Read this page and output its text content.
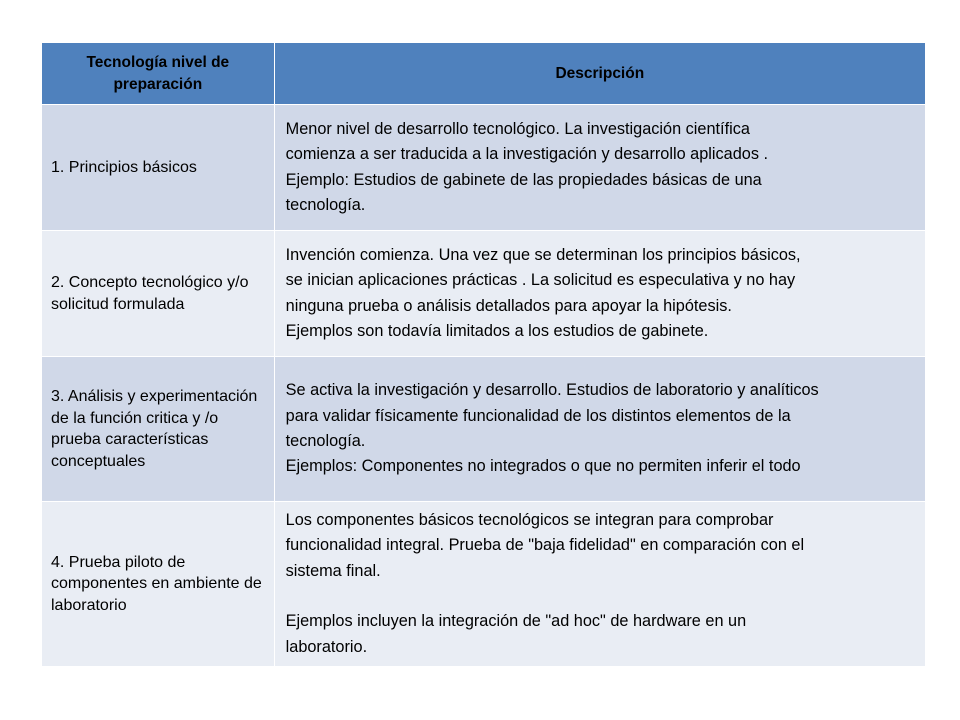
Tecnología nivel de preparación	Descripción
1. Principios básicos	Menor nivel de desarrollo tecnológico. La investigación científica
comienza a ser traducida a la investigación y desarrollo aplicados .
Ejemplo: Estudios de gabinete de las propiedades básicas de una
tecnología.

2. Concepto tecnológico y/o solicitud formulada	Invención comienza. Una vez que se determinan los principios básicos,
se inician aplicaciones prácticas . La solicitud es especulativa y no hay
ninguna prueba o análisis detallados para apoyar la hipótesis.
Ejemplos son todavía limitados a los estudios de gabinete.

3. Análisis y experimentación de la función critica y /o prueba características conceptuales	Se activa la investigación y desarrollo. Estudios de laboratorio y analíticos
para validar físicamente funcionalidad de los distintos elementos de la
tecnología.
Ejemplos: Componentes no integrados o que no permiten inferir el todo

4. Prueba piloto de componentes en ambiente de laboratorio	Los componentes básicos tecnológicos se integran para comprobar
funcionalidad integral. Prueba de "baja fidelidad" en comparación con el
sistema final.
Ejemplos incluyen la integración de "ad hoc" de hardware en un
laboratorio.
